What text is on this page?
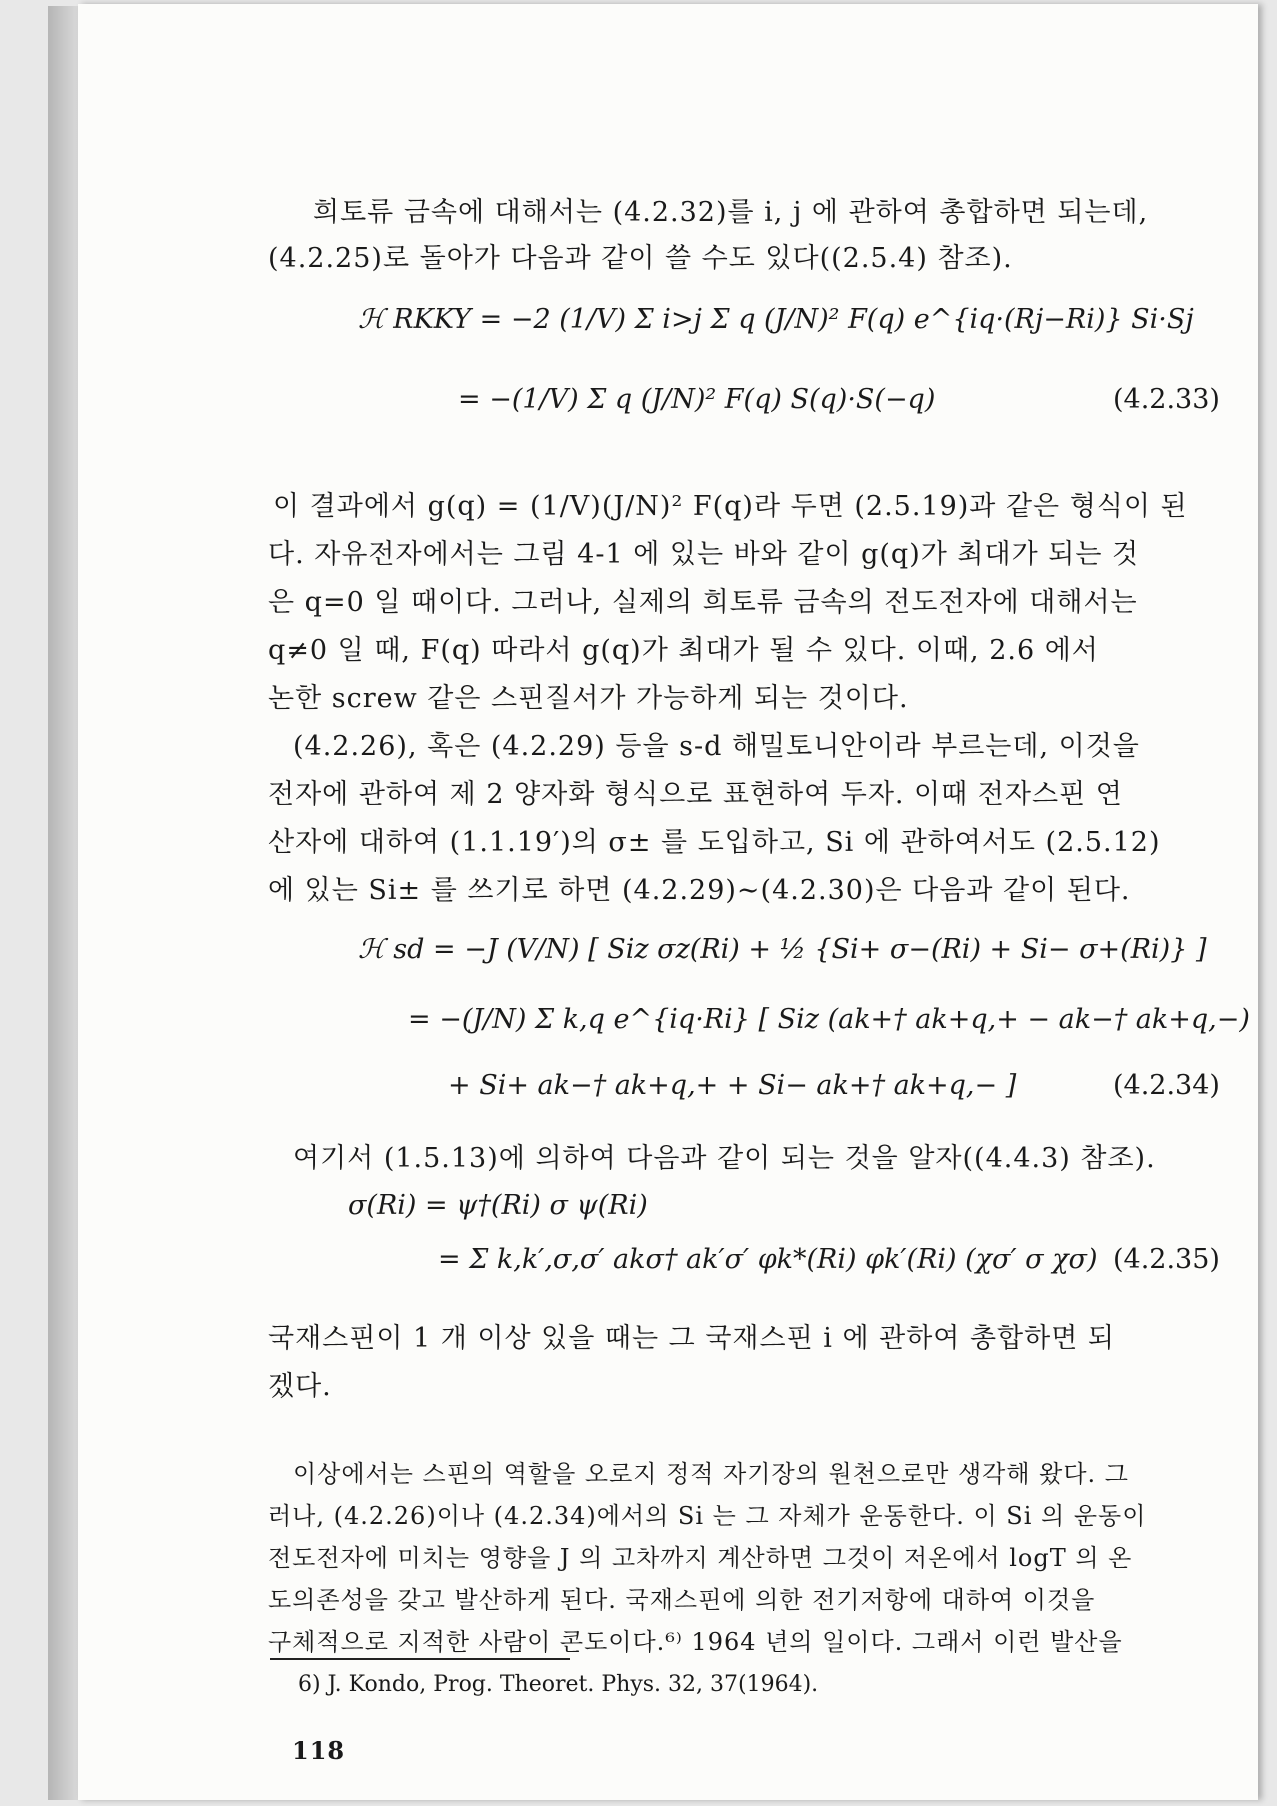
희토류 금속에 대해서는 (4.2.32)를 i, j 에 관하여 총합하면 되는데,
(4.2.25)로 돌아가 다음과 같이 쓸 수도 있다((2.5.4) 참조).
ℋ RKKY = −2 (1/V) Σ i>j Σ q (J/N)² F(q) e^{iq·(Rj−Ri)} Si·Sj
= −(1/V) Σ q (J/N)² F(q) S(q)·S(−q)	(4.2.33)
이 결과에서 g(q) = (1/V)(J/N)² F(q)라 두면 (2.5.19)과 같은 형식이 된
다. 자유전자에서는 그림 4-1 에 있는 바와 같이 g(q)가 최대가 되는 것
은 q=0 일 때이다. 그러나, 실제의 희토류 금속의 전도전자에 대해서는
q≠0 일 때, F(q) 따라서 g(q)가 최대가 될 수 있다. 이때, 2.6 에서
논한 screw 같은 스핀질서가 가능하게 되는 것이다.
(4.2.26), 혹은 (4.2.29) 등을 s-d 해밀토니안이라 부르는데, 이것을
전자에 관하여 제 2 양자화 형식으로 표현하여 두자. 이때 전자스핀 연
산자에 대하여 (1.1.19′)의 σ± 를 도입하고, Si 에 관하여서도 (2.5.12)
에 있는 Si± 를 쓰기로 하면 (4.2.29)∼(4.2.30)은 다음과 같이 된다.
ℋ sd = −J (V/N) [ Siz σz(Ri) + ½ {Si+ σ−(Ri) + Si− σ+(Ri)} ]
= −(J/N) Σ k,q e^{iq·Ri} [ Siz (ak+† ak+q,+ − ak−† ak+q,−)
+ Si+ ak−† ak+q,+ + Si− ak+† ak+q,− ]	(4.2.34)
여기서 (1.5.13)에 의하여 다음과 같이 되는 것을 알자((4.4.3) 참조).
σ(Ri) = ψ†(Ri) σ ψ(Ri)
= Σ k,k′,σ,σ′ akσ† ak′σ′ φk*(Ri) φk′(Ri) (χσ′ σ χσ) (4.2.35)
국재스핀이 1 개 이상 있을 때는 그 국재스핀 i 에 관하여 총합하면 되
겠다.
이상에서는 스핀의 역할을 오로지 정적 자기장의 원천으로만 생각해 왔다. 그
러나, (4.2.26)이나 (4.2.34)에서의 Si 는 그 자체가 운동한다. 이 Si 의 운동이
전도전자에 미치는 영향을 J 의 고차까지 계산하면 그것이 저온에서 logT 의 온
도의존성을 갖고 발산하게 된다. 국재스핀에 의한 전기저항에 대하여 이것을
구체적으로 지적한 사람이 콘도이다.⁶⁾ 1964 년의 일이다. 그래서 이런 발산을
6) J. Kondo, Prog. Theoret. Phys. 32, 37(1964).
118
